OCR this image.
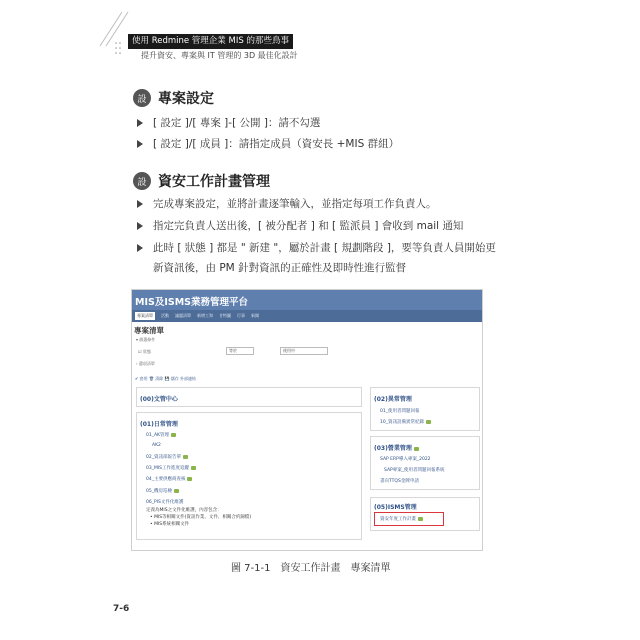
使用 Redmine 管理企業 MIS 的那些鳥事
提升資安、專案與 IT 管理的 3D 最佳化設計
設 專案設定
[ 設定 ]/[ 專案 ]-[ 公開 ]：請不勾選
[ 設定 ]/[ 成員 ]：請指定成員（資安長 +MIS 群組）
設 資安工作計畫管理
完成專案設定，並將計畫逐筆輸入，並指定每項工作負責人。
指定完負責人送出後，[ 被分配者 ] 和 [ 監派員 ] 會收到 mail 通知
此時 [ 狀態 ] 都是 " 新建 "，屬於計畫 [ 規劃階段 ]，要等負責人員開始更
新資訊後，由 PM 針對資訊的正確性及即時性進行監督
MIS及ISMS業務管理平台
專案清單	活動 議題清單 新增工和 甘特圖 行事 新聞
專案清單
▾ 篩選條件
☑ 狀態	等於	使用中
› 選項清單
✔ 套用 🗑 清除 💾 儲存 外部連結
(00)文管中心
(01)日常管理
01_AK管理
AK2
02_資訊部報告單
03_MIS工作進度追蹤
04_主要供應商查核
05_機房巡檢
06_PIS文件化維護
定義為MIS之文件化維護，內容包含：
• MIS等相關文件(資訊作業、文件、相關合約歸檔)
• MIS系統相關文件
(02)異常管理
01_使用者問題回報
10_資訊設備異常紀錄
(03)營業管理
SAP ERP導入專案_2022
SAP專案_使用者問題回報系統
書向TTQS金牌申請
(05)ISMS管理
資安年度工作計畫
圖 7-1-1　資安工作計畫　專案清單
7-6
